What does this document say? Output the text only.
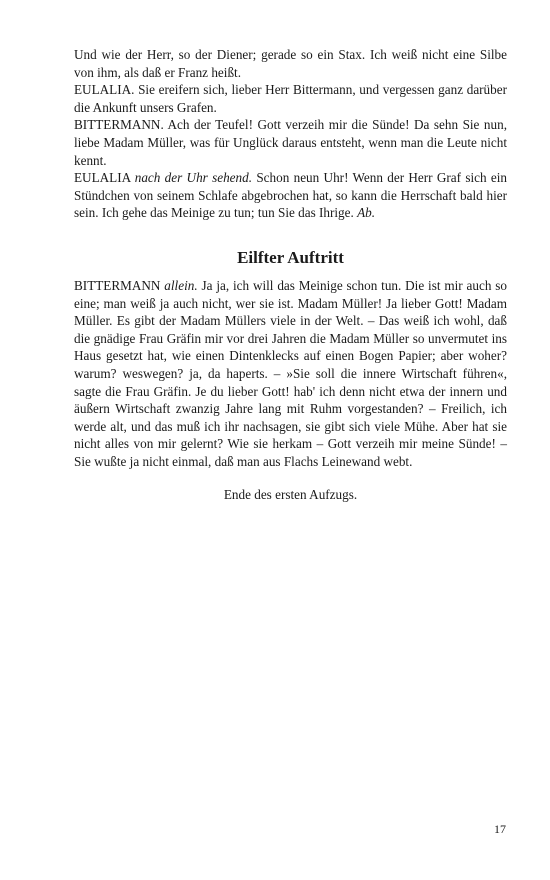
Und wie der Herr, so der Diener; gerade so ein Stax. Ich weiß nicht eine Silbe von ihm, als daß er Franz heißt.

EULALIA. Sie ereifern sich, lieber Herr Bittermann, und vergessen ganz darüber die Ankunft unsers Grafen.

BITTERMANN. Ach der Teufel! Gott verzeih mir die Sünde! Da sehn Sie nun, liebe Madam Müller, was für Unglück daraus entsteht, wenn man die Leute nicht kennt.

EULALIA nach der Uhr sehend. Schon neun Uhr! Wenn der Herr Graf sich ein Stündchen von seinem Schlafe abgebrochen hat, so kann die Herrschaft bald hier sein. Ich gehe das Meinige zu tun; tun Sie das Ihrige. Ab.

Eilfter Auftritt

BITTERMANN allein. Ja ja, ich will das Meinige schon tun. Die ist mir auch so eine; man weiß ja auch nicht, wer sie ist. Madam Müller! Ja lieber Gott! Madam Müller. Es gibt der Madam Müllers viele in der Welt. – Das weiß ich wohl, daß die gnädige Frau Gräfin mir vor drei Jahren die Madam Müller so unvermutet ins Haus gesetzt hat, wie einen Dintenklecks auf einen Bogen Papier; aber woher? warum? weswegen? ja, da haperts. – »Sie soll die innere Wirtschaft führen«, sagte die Frau Gräfin. Je du lieber Gott! hab' ich denn nicht etwa der innern und äußern Wirtschaft zwanzig Jahre lang mit Ruhm vorgestanden? – Freilich, ich werde alt, und das muß ich ihr nachsagen, sie gibt sich viele Mühe. Aber hat sie nicht alles von mir gelernt? Wie sie herkam – Gott verzeih mir meine Sünde! – Sie wußte ja nicht einmal, daß man aus Flachs Leinewand webt.

Ende des ersten Aufzugs.
17
